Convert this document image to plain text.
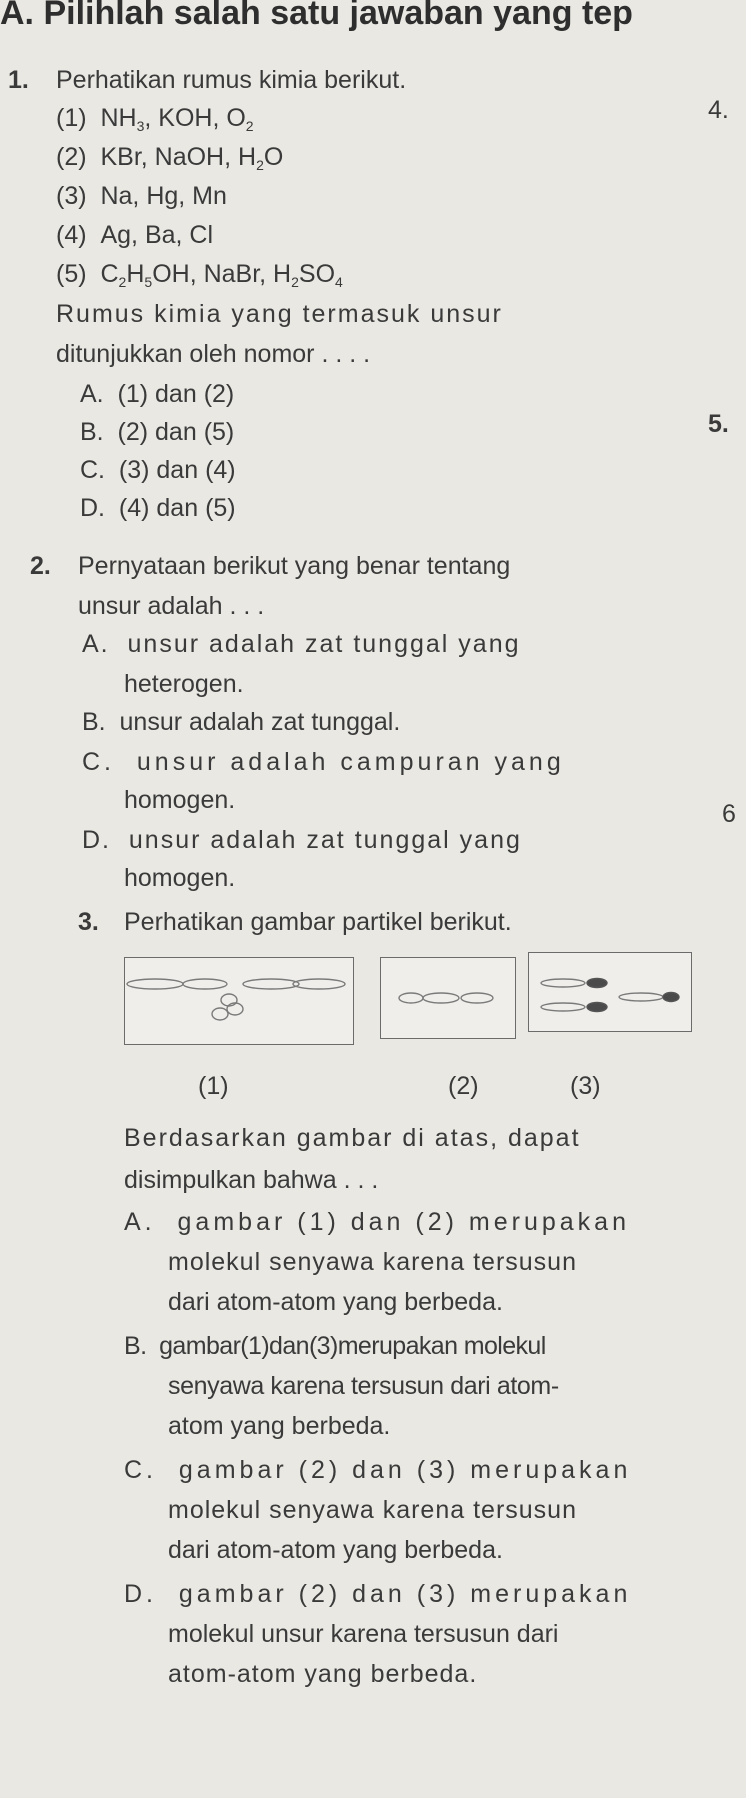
A. Pilihlah salah satu jawaban yang tep
4.
5.
6
1. Perhatikan rumus kimia berikut.
(1) $NH_3$, KOH, $O_2$
(2) KBr, NaOH, $H_2O$
(3) Na, Hg, Mn
(4) Ag, Ba, Cl
(5) $C_2H_5OH$, NaBr, $H_2SO_4$
Rumus kimia yang termasuk unsur
ditunjukkan oleh nomor . . . .
A. (1) dan (2)
B. (2) dan (5)
C. (3) dan (4)
D. (4) dan (5)
2. Pernyataan berikut yang benar tentang
unsur adalah . . .
A. unsur adalah zat tunggal yang
heterogen.
B. unsur adalah zat tunggal.
C. unsur adalah campuran yang
homogen.
D. unsur adalah zat tunggal yang
homogen.
3. Perhatikan gambar partikel berikut.
(1)	(2)	(3)
Berdasarkan gambar di atas, dapat
disimpulkan bahwa . . .
A. gambar (1) dan (2) merupakan
molekul senyawa karena tersusun
dari atom-atom yang berbeda.
B. gambar(1)dan(3)merupakan molekul
senyawa karena tersusun dari atom-
atom yang berbeda.
C. gambar (2) dan (3) merupakan
molekul senyawa karena tersusun
dari atom-atom yang berbeda.
D. gambar (2) dan (3) merupakan
molekul unsur karena tersusun dari
atom-atom yang berbeda.
